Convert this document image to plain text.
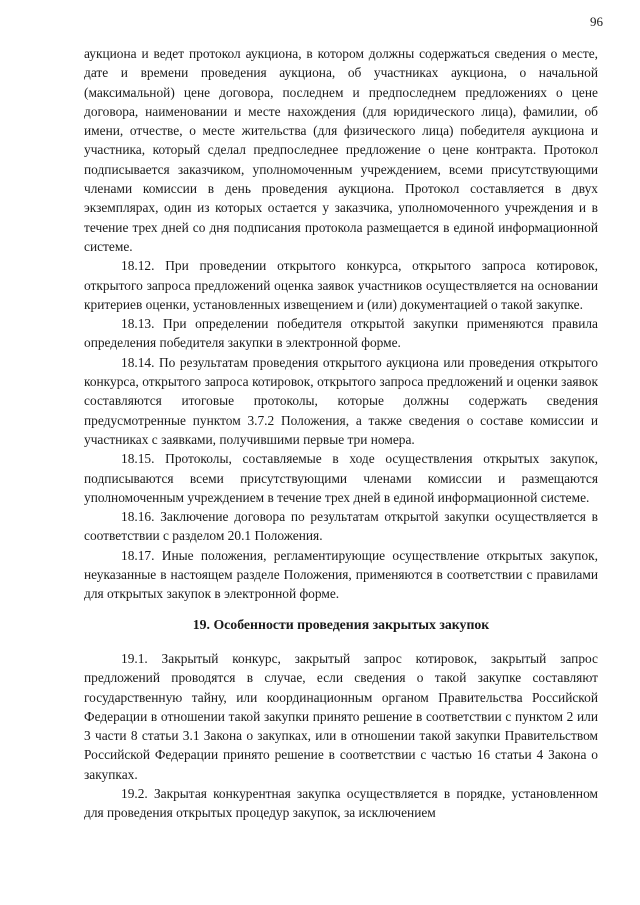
96

аукциона и ведет протокол аукциона, в котором должны содержаться сведения о месте, дате и времени проведения аукциона, об участниках аукциона, о начальной (максимальной) цене договора, последнем и предпоследнем предложениях о цене договора, наименовании и месте нахождения (для юридического лица), фамилии, об имени, отчестве, о месте жительства (для физического лица) победителя аукциона и участника, который сделал предпоследнее предложение о цене контракта. Протокол подписывается заказчиком, уполномоченным учреждением, всеми присутствующими членами комиссии в день проведения аукциона. Протокол составляется в двух экземплярах, один из которых остается у заказчика, уполномоченного учреждения и в течение трех дней со дня подписания протокола размещается в единой информационной системе.

18.12. При проведении открытого конкурса, открытого запроса котировок, открытого запроса предложений оценка заявок участников осуществляется на основании критериев оценки, установленных извещением и (или) документацией о такой закупке.

18.13. При определении победителя открытой закупки применяются правила определения победителя закупки в электронной форме.

18.14. По результатам проведения открытого аукциона или проведения открытого конкурса, открытого запроса котировок, открытого запроса предложений и оценки заявок составляются итоговые протоколы, которые должны содержать сведения предусмотренные пунктом 3.7.2 Положения, а также сведения о составе комиссии и участниках с заявками, получившими первые три номера.

18.15. Протоколы, составляемые в ходе осуществления открытых закупок, подписываются всеми присутствующими членами комиссии и размещаются уполномоченным учреждением в течение трех дней в единой информационной системе.

18.16. Заключение договора по результатам открытой закупки осуществляется в соответствии с разделом 20.1 Положения.

18.17. Иные положения, регламентирующие осуществление открытых закупок, неуказанные в настоящем разделе Положения, применяются в соответствии с правилами для открытых закупок в электронной форме.

19. Особенности проведения закрытых закупок

19.1. Закрытый конкурс, закрытый запрос котировок, закрытый запрос предложений проводятся в случае, если сведения о такой закупке составляют государственную тайну, или координационным органом Правительства Российской Федерации в отношении такой закупки принято решение в соответствии с пунктом 2 или 3 части 8 статьи 3.1 Закона о закупках, или в отношении такой закупки Правительством Российской Федерации принято решение в соответствии с частью 16 статьи 4 Закона о закупках.

19.2. Закрытая конкурентная закупка осуществляется в порядке, установленном для проведения открытых процедур закупок, за исключением
